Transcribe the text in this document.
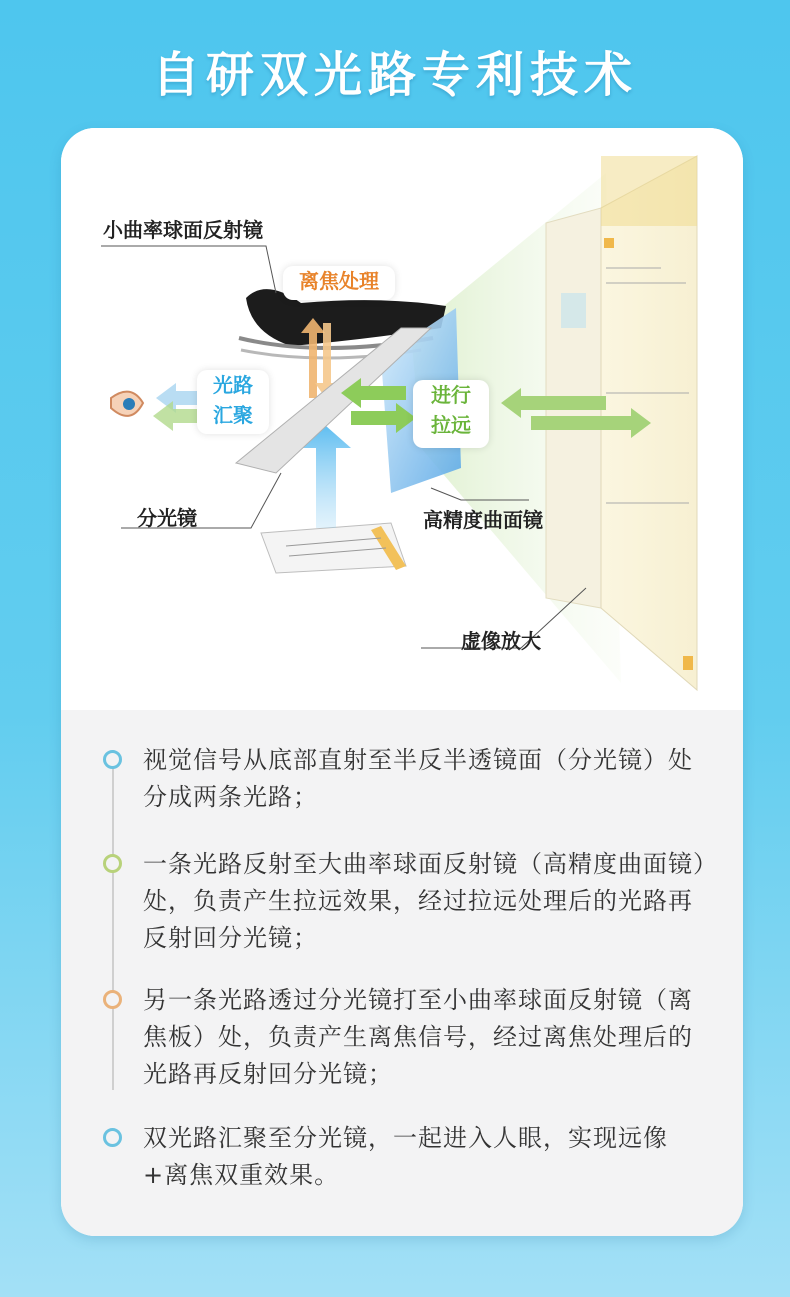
自研双光路专利技术
小曲率球面反射镜
离焦处理
光路
汇聚
进行
拉远
分光镜	高精度曲面镜
虚像放大
视觉信号从底部直射至半反半透镜面（分光镜）处分成两条光路；
一条光路反射至大曲率球面反射镜（高精度曲面镜）处，负责产生拉远效果，经过拉远处理后的光路再反射回分光镜；
另一条光路透过分光镜打至小曲率球面反射镜（离焦板）处，负责产生离焦信号，经过离焦处理后的光路再反射回分光镜；
双光路汇聚至分光镜，一起进入人眼，实现远像+离焦双重效果。
